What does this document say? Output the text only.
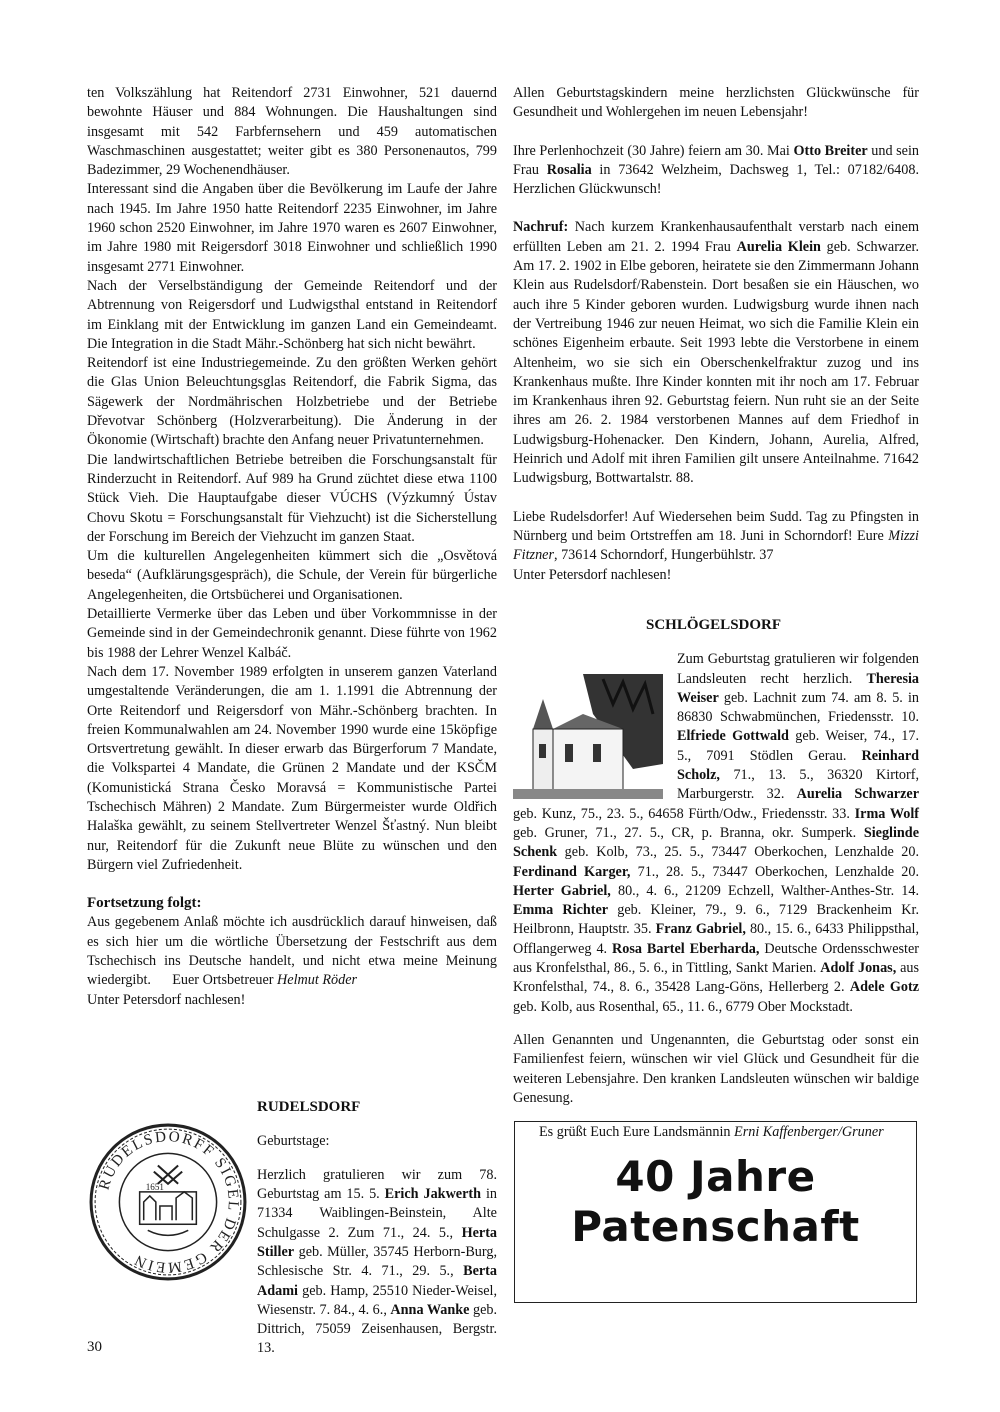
ten Volkszählung hat Reitendorf 2731 Einwohner, 521 dauernd bewohnte Häuser und 884 Wohnungen. Die Haushaltungen sind insgesamt mit 542 Farbfernsehern und 459 automatischen Waschmaschinen ausgestattet; weiter gibt es 380 Personenautos, 799 Badezimmer, 29 Wochenendhäuser.

Interessant sind die Angaben über die Bevölkerung im Laufe der Jahre nach 1945. Im Jahre 1950 hatte Reitendorf 2235 Einwohner, im Jahre 1960 schon 2520 Einwohner, im Jahre 1970 waren es 2607 Einwohner, im Jahre 1980 mit Reigersdorf 3018 Einwohner und schließlich 1990 insgesamt 2771 Einwohner.

Nach der Verselbständigung der Gemeinde Reitendorf und der Abtrennung von Reigersdorf und Ludwigsthal entstand in Reitendorf im Einklang mit der Entwicklung im ganzen Land ein Gemeindeamt. Die Integration in die Stadt Mähr.-Schönberg hat sich nicht bewährt.

Reitendorf ist eine Industriegemeinde. Zu den größten Werken gehört die Glas Union Beleuchtungsglas Reitendorf, die Fabrik Sigma, das Sägewerk der Nordmährischen Holzbetriebe und der Betriebe Dřevotvar Schönberg (Holzverarbeitung). Die Änderung in der Ökonomie (Wirtschaft) brachte den Anfang neuer Privatunternehmen.

Die landwirtschaftlichen Betriebe betreiben die Forschungsanstalt für Rinderzucht in Reitendorf. Auf 989 ha Grund züchtet diese etwa 1100 Stück Vieh. Die Hauptaufgabe dieser VÚCHS (Výzkumný Ústav Chovu Skotu = Forschungsanstalt für Viehzucht) ist die Sicherstellung der Forschung im Bereich der Viehzucht im ganzen Staat.

Um die kulturellen Angelegenheiten kümmert sich die „Osvětová beseda“ (Aufklärungsgespräch), die Schule, der Verein für bürgerliche Angelegenheiten, die Ortsbücherei und Organisationen.

Detaillierte Vermerke über das Leben und über Vorkommnisse in der Gemeinde sind in der Gemeindechronik genannt. Diese führte von 1962 bis 1988 der Lehrer Wenzel Kalbáč.

Nach dem 17. November 1989 erfolgten in unserem ganzen Vaterland umgestaltende Veränderungen, die am 1. 1.1991 die Abtrennung der Orte Reitendorf und Reigersdorf von Mähr.-Schönberg brachten. In freien Kommunalwahlen am 24. November 1990 wurde eine 15köpfige Ortsvertretung gewählt. In dieser erwarb das Bürgerforum 7 Mandate, die Volkspartei 4 Mandate, die Grünen 2 Mandate und der KSČM (Komunistická Strana Česko Moravsá = Kommunistische Partei Tschechisch Mähren) 2 Mandate. Zum Bürgermeister wurde Oldřich Halaška gewählt, zu seinem Stellvertreter Wenzel Šťastný. Nun bleibt nur, Reitendorf für die Zukunft neue Blüte zu wünschen und den Bürgern viel Zufriedenheit.

Fortsetzung folgt:

Aus gegebenem Anlaß möchte ich ausdrücklich darauf hinweisen, daß es sich hier um die wörtliche Übersetzung der Festschrift aus dem Tschechisch ins Deutsche handelt, und nicht etwa meine Meinung wiedergibt. Euer Ortsbetreuer Helmut Röder

Unter Petersdorf nachlesen!

RUDELSDORFF SIGEL DER GEMEIN
1651

RUDELSDORF

Geburtstage:

Herzlich gratulieren wir zum 78. Geburtstag am 15. 5. Erich Jakwerth in 71334 Waiblingen-Beinstein, Alte Schulgasse 2. Zum 71., 24. 5., Herta Stiller geb. Müller, 35745 Herborn-Burg, Schlesische Str. 4. 71., 29. 5., Berta Adami geb. Hamp, 25510 Nieder-Weisel, Wiesenstr. 7. 84., 4. 6., Anna Wanke geb. Dittrich, 75059 Zeisenhausen, Bergstr. 13.

Allen Geburtstagskindern meine herzlichsten Glückwünsche für Gesundheit und Wohlergehen im neuen Lebensjahr!

Ihre Perlenhochzeit (30 Jahre) feiern am 30. Mai Otto Breiter und sein Frau Rosalia in 73642 Welzheim, Dachsweg 1, Tel.: 07182/6408. Herzlichen Glückwunsch!

Nachruf: Nach kurzem Krankenhausaufenthalt verstarb nach einem erfüllten Leben am 21. 2. 1994 Frau Aurelia Klein geb. Schwarzer. Am 17. 2. 1902 in Elbe geboren, heiratete sie den Zimmermann Johann Klein aus Rudelsdorf/Rabenstein. Dort besaßen sie ein Häuschen, wo auch ihre 5 Kinder geboren wurden. Ludwigsburg wurde ihnen nach der Vertreibung 1946 zur neuen Heimat, wo sich die Familie Klein ein schönes Eigenheim erbaute. Seit 1993 lebte die Verstorbene in einem Altenheim, wo sie sich ein Oberschenkelfraktur zuzog und ins Krankenhaus mußte. Ihre Kinder konnten mit ihr noch am 17. Februar im Krankenhaus ihren 92. Geburtstag feiern. Nun ruht sie an der Seite ihres am 26. 2. 1984 verstorbenen Mannes auf dem Friedhof in Ludwigsburg-Hohenacker. Den Kindern, Johann, Aurelia, Alfred, Heinrich und Adolf mit ihren Familien gilt unsere Anteilnahme. 71642 Ludwigsburg, Bottwartalstr. 88.

Liebe Rudelsdorfer! Auf Wiedersehen beim Sudd. Tag zu Pfingsten in Nürnberg und beim Ortstreffen am 18. Juni in Schorndorf! Eure Mizzi Fitzner, 73614 Schorndorf, Hungerbühlstr. 37

Unter Petersdorf nachlesen!

SCHLÖGELSDORF

Zum Geburtstag gratulieren wir folgenden Landsleuten recht herzlich. Theresia Weiser geb. Lachnit zum 74. am 8. 5. in 86830 Schwabmünchen, Friedensstr. 10. Elfriede Gottwald geb. Weiser, 74., 17. 5., 7091 Stödlen Gerau. Reinhard Scholz, 71., 13. 5., 36320 Kirtorf, Marburgerstr. 32. Aurelia Schwarzer geb. Kunz, 75., 23. 5., 64658 Fürth/Odw., Friedensstr. 33. Irma Wolf geb. Gruner, 71., 27. 5., CR, p. Branna, okr. Sumperk. Sieglinde Schenk geb. Kolb, 73., 25. 5., 73447 Oberkochen, Lenzhalde 20. Ferdinand Karger, 71., 28. 5., 73447 Oberkochen, Lenzhalde 20. Herter Gabriel, 80., 4. 6., 21209 Echzell, Walther-Anthes-Str. 14. Emma Richter geb. Kleiner, 79., 9. 6., 7129 Brackenheim Kr. Heilbronn, Hauptstr. 35. Franz Gabriel, 80., 15. 6., 6433 Philippsthal, Offlangerweg 4. Rosa Bartel Eberharda, Deutsche Ordensschwester aus Kronfelsthal, 86., 5. 6., in Tittling, Sankt Marien. Adolf Jonas, aus Kronfelsthal, 74., 8. 6., 35428 Lang-Göns, Hellerberg 2. Adele Gotz geb. Kolb, aus Rosenthal, 65., 11. 6., 6779 Ober Mockstadt.

Allen Genannten und Ungenannten, die Geburtstag oder sonst ein Familienfest feiern, wünschen wir viel Glück und Gesundheit für die weiteren Lebensjahre. Den kranken Landsleuten wünschen wir baldige Genesung.

Es grüßt Euch Eure Landsmännin Erni Kaffenberger/Gruner

40 Jahre
Patenschaft
30
